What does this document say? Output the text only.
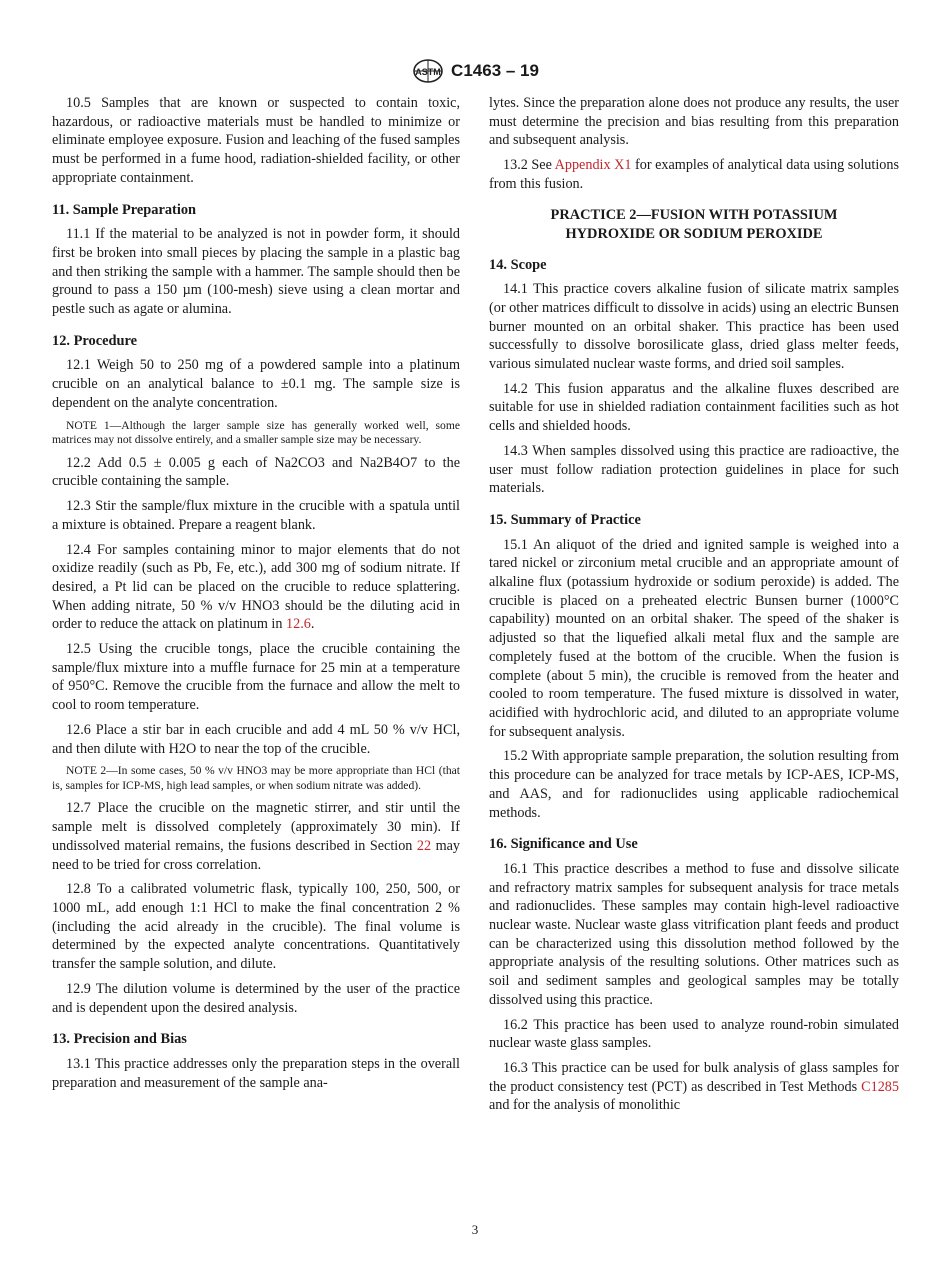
ASTM C1463 – 19

10.5 Samples that are known or suspected to contain toxic, hazardous, or radioactive materials must be handled to minimize or eliminate employee exposure. Fusion and leaching of the fused samples must be performed in a fume hood, radiation-shielded facility, or other appropriate containment.

11. Sample Preparation

11.1 If the material to be analyzed is not in powder form, it should first be broken into small pieces by placing the sample in a plastic bag and then striking the sample with a hammer. The sample should then be ground to pass a 150 µm (100-mesh) sieve using a clean mortar and pestle such as agate or alumina.

12. Procedure

12.1 Weigh 50 to 250 mg of a powdered sample into a platinum crucible on an analytical balance to ±0.1 mg. The sample size is dependent on the analyte concentration.

NOTE 1—Although the larger sample size has generally worked well, some matrices may not dissolve entirely, and a smaller sample size may be necessary.

12.2 Add 0.5 ± 0.005 g each of Na2CO3 and Na2B4O7 to the crucible containing the sample.

12.3 Stir the sample/flux mixture in the crucible with a spatula until a mixture is obtained. Prepare a reagent blank.

12.4 For samples containing minor to major elements that do not oxidize readily (such as Pb, Fe, etc.), add 300 mg of sodium nitrate. If desired, a Pt lid can be placed on the crucible to reduce splattering. When adding nitrate, 50 % v/v HNO3 should be the diluting acid in order to reduce the attack on platinum in 12.6.

12.5 Using the crucible tongs, place the crucible containing the sample/flux mixture into a muffle furnace for 25 min at a temperature of 950°C. Remove the crucible from the furnace and allow the melt to cool to room temperature.

12.6 Place a stir bar in each crucible and add 4 mL 50 % v/v HCl, and then dilute with H2O to near the top of the crucible.

NOTE 2—In some cases, 50 % v/v HNO3 may be more appropriate than HCl (that is, samples for ICP-MS, high lead samples, or when sodium nitrate was added).

12.7 Place the crucible on the magnetic stirrer, and stir until the sample melt is dissolved completely (approximately 30 min). If undissolved material remains, the fusions described in Section 22 may need to be tried for cross correlation.

12.8 To a calibrated volumetric flask, typically 100, 250, 500, or 1000 mL, add enough 1:1 HCl to make the final concentration 2 % (including the acid already in the crucible). The final volume is determined by the expected analyte concentrations. Quantitatively transfer the sample solution, and dilute.

12.9 The dilution volume is determined by the user of the practice and is dependent upon the desired analysis.

13. Precision and Bias

13.1 This practice addresses only the preparation steps in the overall preparation and measurement of the sample ana-

lytes. Since the preparation alone does not produce any results, the user must determine the precision and bias resulting from this preparation and subsequent analysis.

13.2 See Appendix X1 for examples of analytical data using solutions from this fusion.

PRACTICE 2—FUSION WITH POTASSIUM
HYDROXIDE OR SODIUM PEROXIDE
14. Scope

14.1 This practice covers alkaline fusion of silicate matrix samples (or other matrices difficult to dissolve in acids) using an electric Bunsen burner mounted on an orbital shaker. This practice has been used successfully to dissolve borosilicate glass, dried glass melter feeds, various simulated nuclear waste forms, and dried soil samples.

14.2 This fusion apparatus and the alkaline fluxes described are suitable for use in shielded radiation containment facilities such as hot cells and shielded hoods.

14.3 When samples dissolved using this practice are radioactive, the user must follow radiation protection guidelines in place for such materials.

15. Summary of Practice

15.1 An aliquot of the dried and ignited sample is weighed into a tared nickel or zirconium metal crucible and an appropriate amount of alkaline flux (potassium hydroxide or sodium peroxide) is added. The crucible is placed on a preheated electric Bunsen burner (1000°C capability) mounted on an orbital shaker. The speed of the shaker is adjusted so that the liquefied alkali metal flux and the sample are completely fused at the bottom of the crucible. When the fusion is complete (about 5 min), the crucible is removed from the heater and cooled to room temperature. The fused mixture is dissolved in water, acidified with hydrochloric acid, and diluted to an appropriate volume for subsequent analysis.

15.2 With appropriate sample preparation, the solution resulting from this procedure can be analyzed for trace metals by ICP-AES, ICP-MS, and AAS, and for radionuclides using applicable radiochemical methods.

16. Significance and Use

16.1 This practice describes a method to fuse and dissolve silicate and refractory matrix samples for subsequent analysis for trace metals and radionuclides. These samples may contain high-level radioactive nuclear waste. Nuclear waste glass vitrification plant feeds and product can be characterized using this dissolution method followed by the appropriate analysis of the resulting solutions. Other matrices such as soil and sediment samples and geological samples may be totally dissolved using this practice.

16.2 This practice has been used to analyze round-robin simulated nuclear waste glass samples.

16.3 This practice can be used for bulk analysis of glass samples for the product consistency test (PCT) as described in Test Methods C1285 and for the analysis of monolithic

3
